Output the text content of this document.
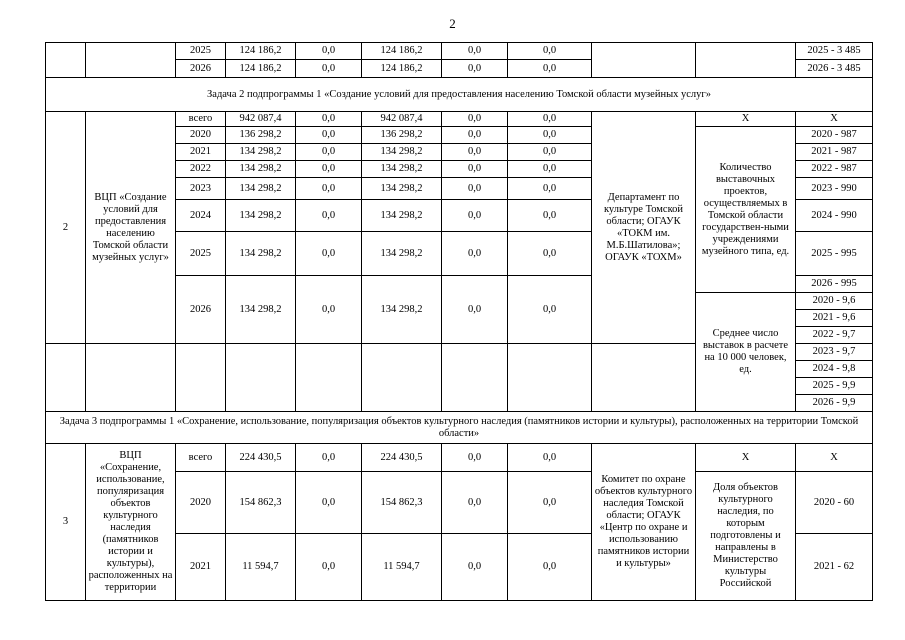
2
		2025	124 186,2	0,0	124 186,2	0,0	0,0			2025 - 3 485
		2026	124 186,2	0,0	124 186,2	0,0	0,0			2026 - 3 485
Задача 2 подпрограммы 1 «Создание условий для предоставления населению Томской области музейных услуг»										
2	ВЦП «Создание условий для предоставления населению Томской области музейных услуг»	всего	942 087,4	0,0	942 087,4	0,0	0,0	Департамент по культуре Томской области; ОГАУК «ТОКМ им. М.Б.Шатилова»; ОГАУК «ТОХМ»	Х	Х
		2020	136 298,2	0,0	136 298,2	0,0	0,0		Количество выставочных проектов, осуществляемых в Томской области государствен-ными учреждениями музейного типа, ед.	2020 - 987
		2021	134 298,2	0,0	134 298,2	0,0	0,0			2021 - 987
		2022	134 298,2	0,0	134 298,2	0,0	0,0			2022 - 987
		2023	134 298,2	0,0	134 298,2	0,0	0,0			2023 - 990
		2024	134 298,2	0,0	134 298,2	0,0	0,0			2024 - 990
		2025	134 298,2	0,0	134 298,2	0,0	0,0			2025 - 995
		2026	134 298,2	0,0	134 298,2	0,0	0,0			2026 - 995
									Среднее число выставок в расчете на 10 000 человек, ед.	2020 - 9,6
										2021 - 9,6
										2022 - 9,7
										2023 - 9,7
										2024 - 9,8
										2025 - 9,9
										2026 - 9,9
Задача 3 подпрограммы 1 «Сохранение, использование, популяризация объектов культурного наследия (памятников истории и культуры), расположенных на территории Томской области»										
3	ВЦП «Сохранение, использование, популяризация объектов культурного наследия (памятников истории и культуры), расположенных на территории	всего	224 430,5	0,0	224 430,5	0,0	0,0	Комитет по охране объектов культурного наследия Томской области; ОГАУК «Центр по охране и использованию памятников истории и культуры»	Х	Х
		2020	154 862,3	0,0	154 862,3	0,0	0,0		Доля объектов культурного наследия, по которым подготовлены и направлены в Министерство культуры Российской	2020 - 60
		2021	11 594,7	0,0	11 594,7	0,0	0,0			2021 - 62
